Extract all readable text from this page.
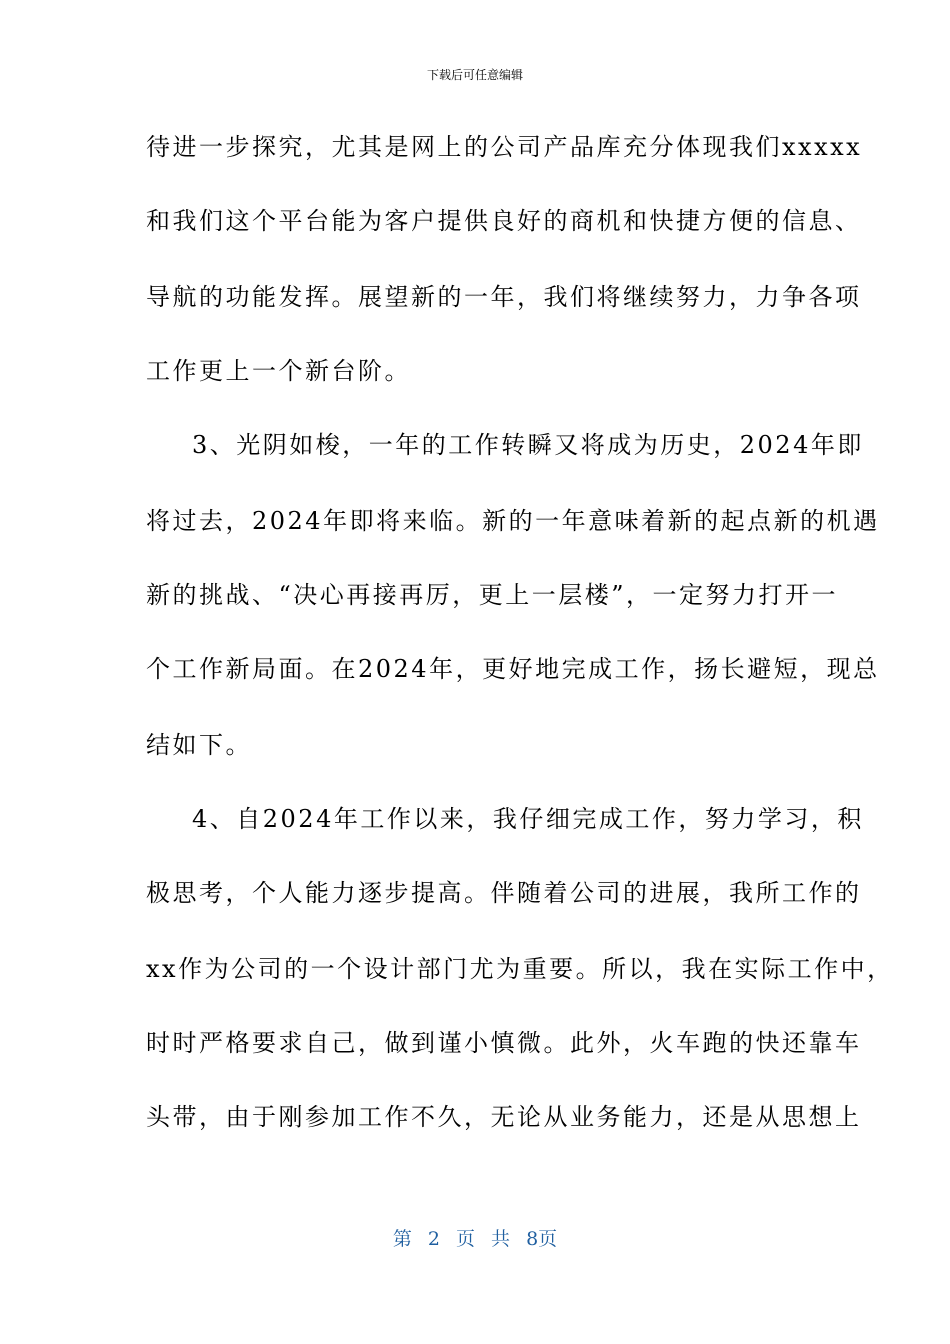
下载后可任意编辑
待进一步探究，尤其是网上的公司产品库充分体现我们xxxxx
和我们这个平台能为客户提供良好的商机和快捷方便的信息、
导航的功能发挥。展望新的一年，我们将继续努力，力争各项
工作更上一个新台阶。
3、光阴如梭，一年的工作转瞬又将成为历史，2024年即
将过去，2024年即将来临。新的一年意味着新的起点新的机遇
新的挑战、“决心再接再厉，更上一层楼”，一定努力打开一
个工作新局面。在2024年，更好地完成工作，扬长避短，现总
结如下。
4、自2024年工作以来，我仔细完成工作，努力学习，积
极思考，个人能力逐步提高。伴随着公司的进展，我所工作的
xx作为公司的一个设计部门尤为重要。所以，我在实际工作中，
时时严格要求自己，做到谨小慎微。此外，火车跑的快还靠车
头带，由于刚参加工作不久，无论从业务能力，还是从思想上
第 2 页 共 8页
